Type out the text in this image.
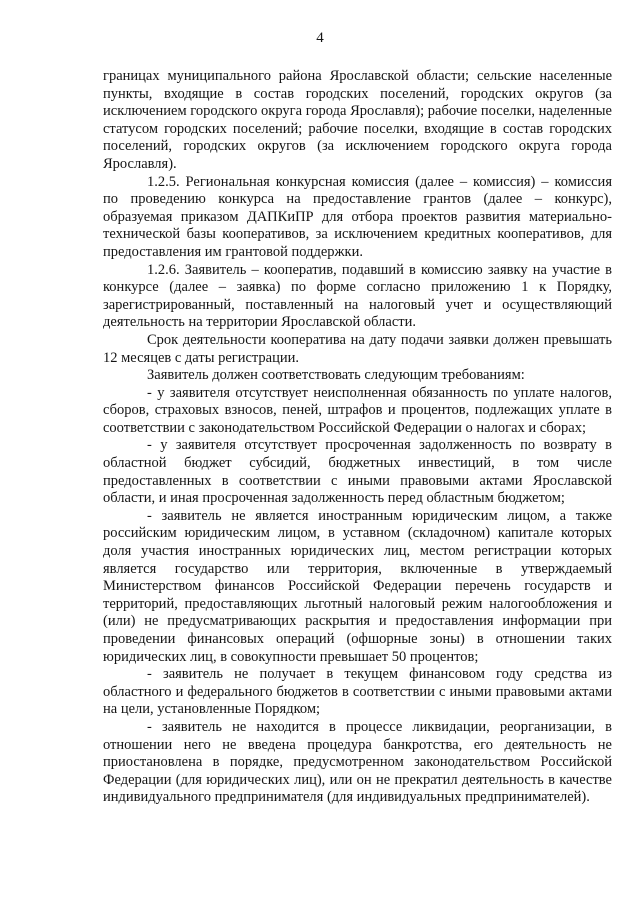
4

границах муниципального района Ярославской области; сельские населенные пункты, входящие в состав городских поселений, городских округов (за исключением городского округа города Ярославля); рабочие поселки, наделенные статусом городских поселений; рабочие поселки, входящие в состав городских поселений, городских округов (за исключением городского округа города Ярославля).

1.2.5. Региональная конкурсная комиссия (далее – комиссия) – комиссия по проведению конкурса на предоставление грантов (далее – конкурс), образуемая приказом ДАПКиПР для отбора проектов развития материально-технической базы кооперативов, за исключением кредитных кооперативов, для предоставления им грантовой поддержки.

1.2.6. Заявитель – кооператив, подавший в комиссию заявку на участие в конкурсе (далее – заявка) по форме согласно приложению 1 к Порядку, зарегистрированный, поставленный на налоговый учет и осуществляющий деятельность на территории Ярославской области.

Срок деятельности кооператива на дату подачи заявки должен превышать 12 месяцев с даты регистрации.

Заявитель должен соответствовать следующим требованиям:

- у заявителя отсутствует неисполненная обязанность по уплате налогов, сборов, страховых взносов, пеней, штрафов и процентов, подлежащих уплате в соответствии с законодательством Российской Федерации о налогах и сборах;

- у заявителя отсутствует просроченная задолженность по возврату в областной бюджет субсидий, бюджетных инвестиций, в том числе предоставленных в соответствии с иными правовыми актами Ярославской области, и иная просроченная задолженность перед областным бюджетом;

- заявитель не является иностранным юридическим лицом, а также российским юридическим лицом, в уставном (складочном) капитале которых доля участия иностранных юридических лиц, местом регистрации которых является государство или территория, включенные в утверждаемый Министерством финансов Российской Федерации перечень государств и территорий, предоставляющих льготный налоговый режим налогообложения и (или) не предусматривающих раскрытия и предоставления информации при проведении финансовых операций (офшорные зоны) в отношении таких юридических лиц, в совокупности превышает 50 процентов;

- заявитель не получает в текущем финансовом году средства из областного и федерального бюджетов в соответствии с иными правовыми актами на цели, установленные Порядком;

- заявитель не находится в процессе ликвидации, реорганизации, в отношении него не введена процедура банкротства, его деятельность не приостановлена в порядке, предусмотренном законодательством Российской Федерации (для юридических лиц), или он не прекратил деятельность в качестве индивидуального предпринимателя (для индивидуальных предпринимателей).
